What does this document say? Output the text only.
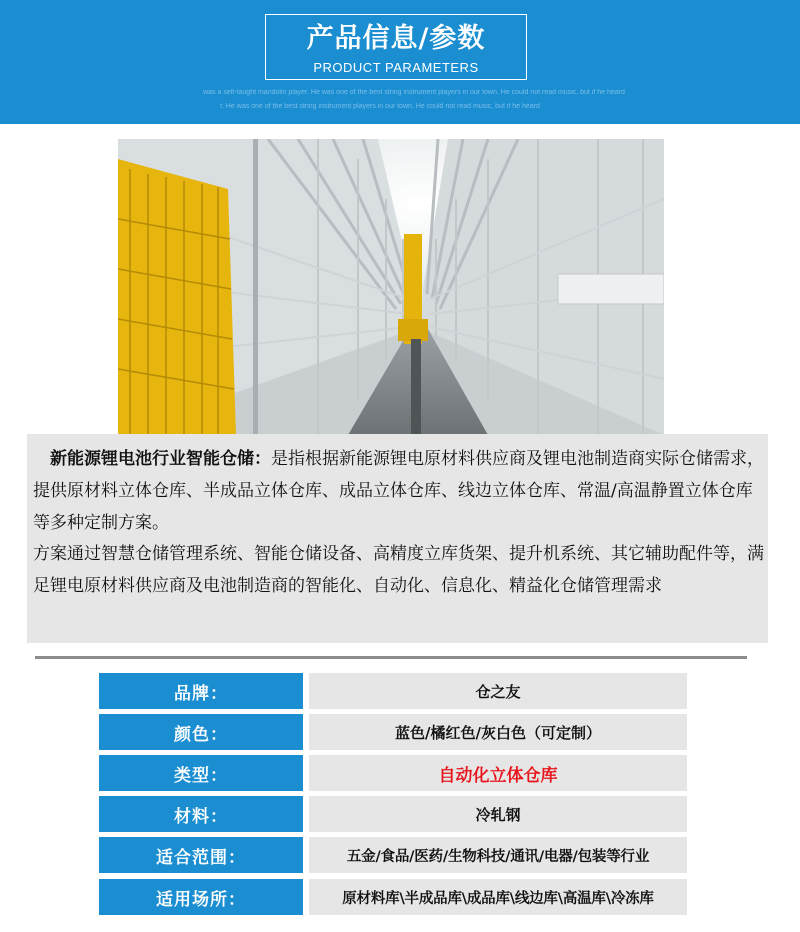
产品信息/参数
PRODUCT PARAMETERS
was a self-taught mandolin player. He was one of the best string instrument players in our town. He could not read music, but if he heard
r. He was one of the best string instrument players in our town. He could not read music, but if he heard

新能源锂电池行业智能仓储：是指根据新能源锂电原材料供应商及锂电池制造商实际仓储需求，提供原材料立体仓库、半成品立体仓库、成品立体仓库、线边立体仓库、常温/高温静置立体仓库等多种定制方案。

方案通过智慧仓储管理系统、智能仓储设备、高精度立库货架、提升机系统、其它辅助配件等，满足锂电原材料供应商及电池制造商的智能化、自动化、信息化、精益化仓储管理需求

品牌：	仓之友
颜色：	蓝色/橘红色/灰白色（可定制）
类型：	自动化立体仓库
材料：	冷轧钢
适合范围：	五金/食品/医药/生物科技/通讯/电器/包装等行业
适用场所：	原材料库\半成品库\成品库\线边库\高温库\冷冻库
